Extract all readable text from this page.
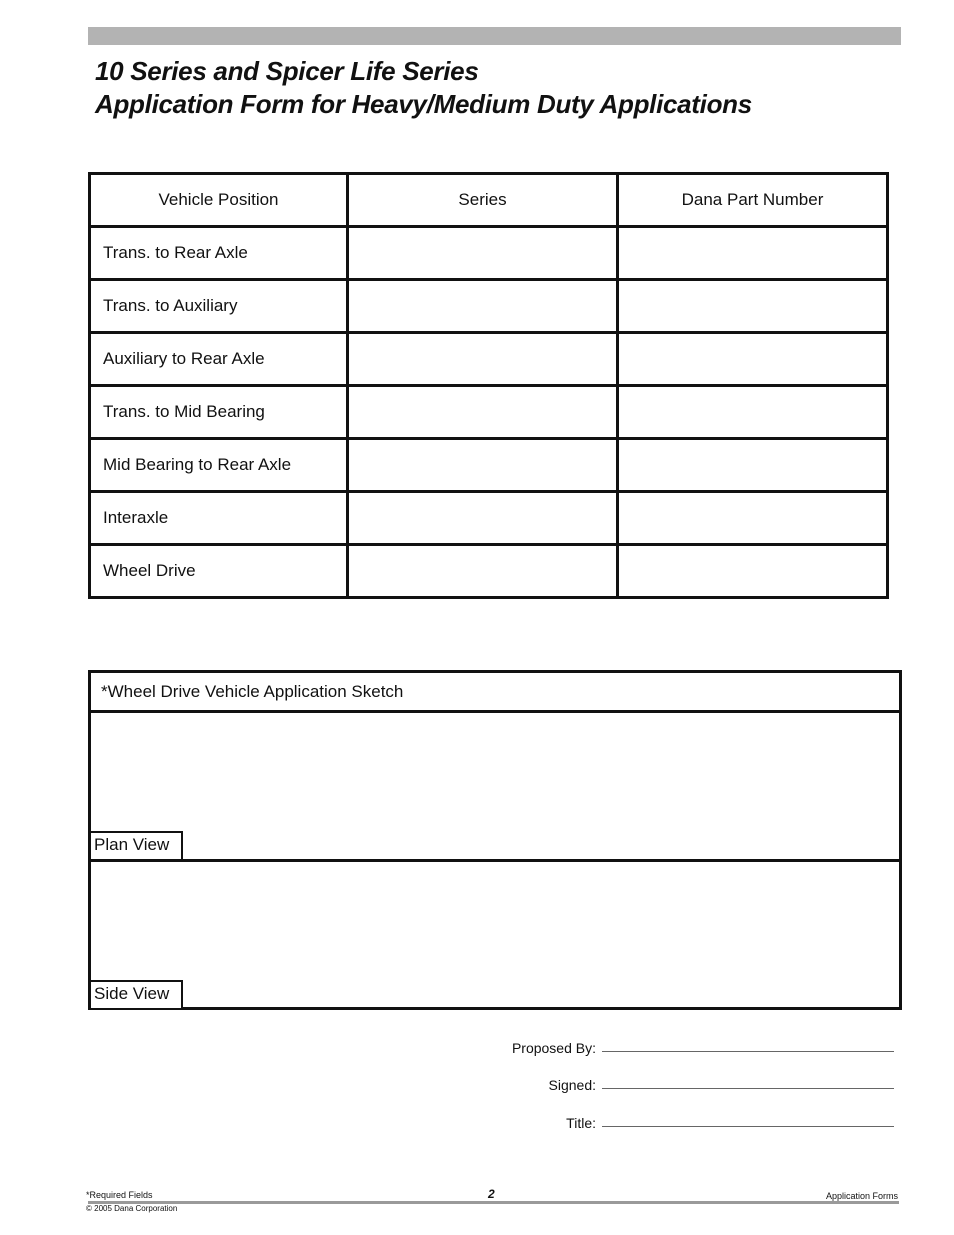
10 Series and Spicer Life Series
Application Form for Heavy/Medium Duty Applications
Vehicle Position	Series	Dana Part Number
Trans. to Rear Axle		
Trans. to Auxiliary		
Auxiliary to Rear Axle		
Trans. to Mid Bearing		
Mid Bearing to Rear Axle		
Interaxle		
Wheel Drive		
*Wheel Drive Vehicle Application Sketch
Plan View
Side View
Proposed By:
Signed:
Title:
*Required Fields	2	Application Forms
© 2005 Dana Corporation
